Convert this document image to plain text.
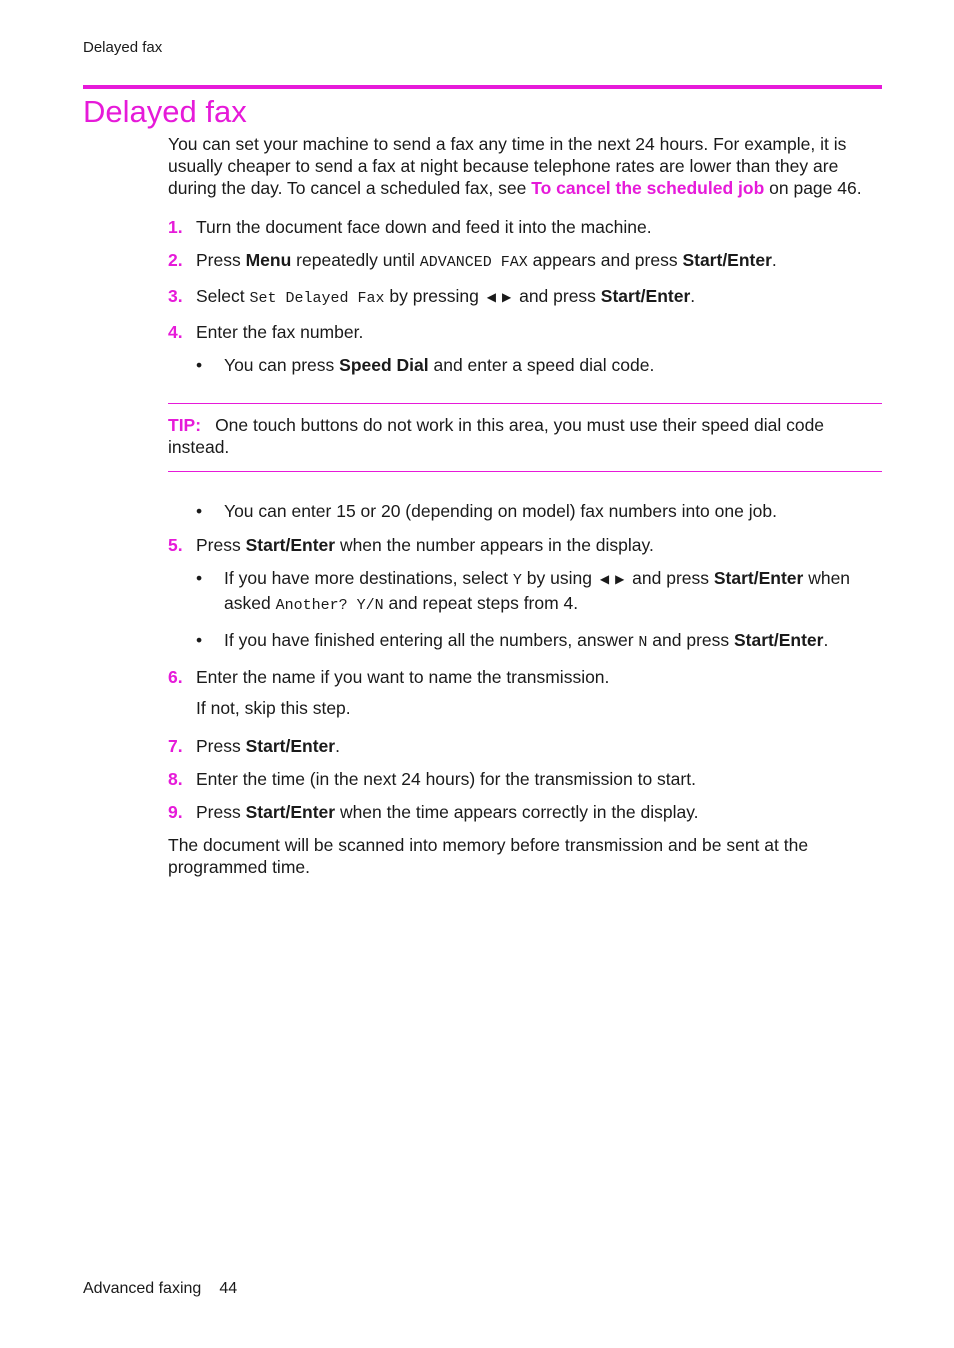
Delayed fax
Delayed fax

You can set your machine to send a fax any time in the next 24 hours. For example, it is usually cheaper to send a fax at night because telephone rates are lower than they are during the day. To cancel a scheduled fax, see To cancel the scheduled job on page 46.

1. Turn the document face down and feed it into the machine.
2. Press Menu repeatedly until ADVANCED FAX appears and press Start/Enter.
3. Select Set Delayed Fax by pressing ◀ ▶ and press Start/Enter.
4. Enter the fax number.
• You can press Speed Dial and enter a speed dial code.
TIP: One touch buttons do not work in this area, you must use their speed dial code instead.
• You can enter 15 or 20 (depending on model) fax numbers into one job.
5. Press Start/Enter when the number appears in the display.
• If you have more destinations, select Y by using ◀ ▶ and press Start/Enter when asked Another? Y/N and repeat steps from 4.
• If you have finished entering all the numbers, answer N and press Start/Enter.
6. Enter the name if you want to name the transmission.

If not, skip this step.

7. Press Start/Enter.
8. Enter the time (in the next 24 hours) for the transmission to start.
9. Press Start/Enter when the time appears correctly in the display.

The document will be scanned into memory before transmission and be sent at the programmed time.

Advanced faxing 44
